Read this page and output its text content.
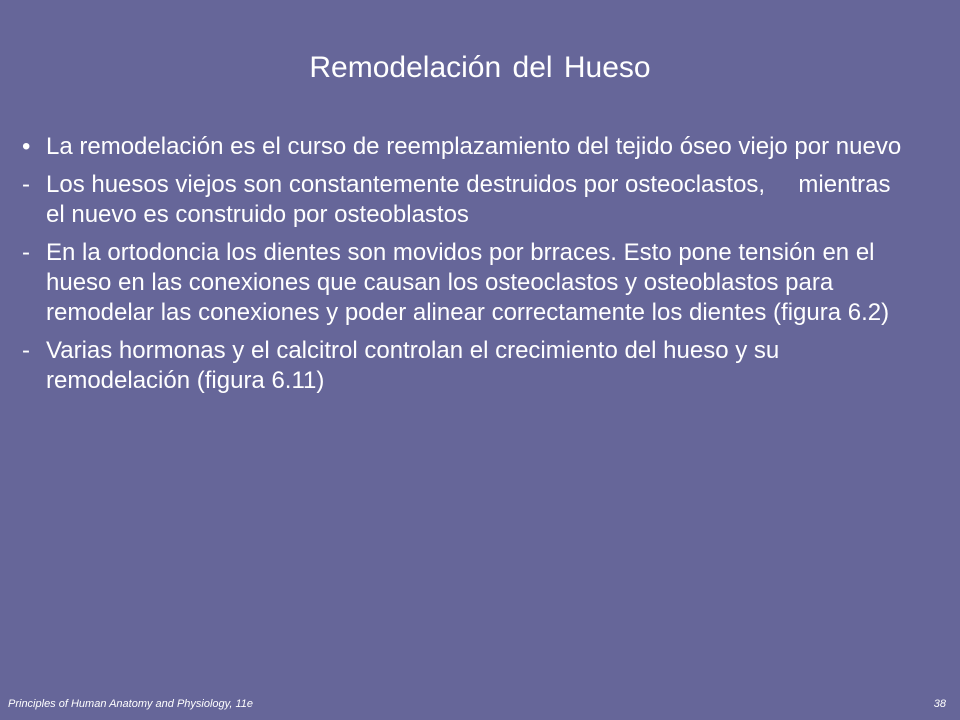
Remodelación del Hueso
• La remodelación es el curso de reemplazamiento del tejido óseo viejo por nuevo
- Los huesos viejos son constantemente destruidos por osteoclastos,     mientras el nuevo es construido por osteoblastos
- En la ortodoncia los dientes son movidos por brraces. Esto pone tensión en el hueso en las conexiones que causan los osteoclastos y osteoblastos para remodelar las conexiones y poder alinear correctamente los dientes (figura 6.2)
- Varias hormonas y el calcitrol controlan el crecimiento del hueso y su remodelación (figura 6.11)
Principles of Human Anatomy and Physiology, 11e	38
